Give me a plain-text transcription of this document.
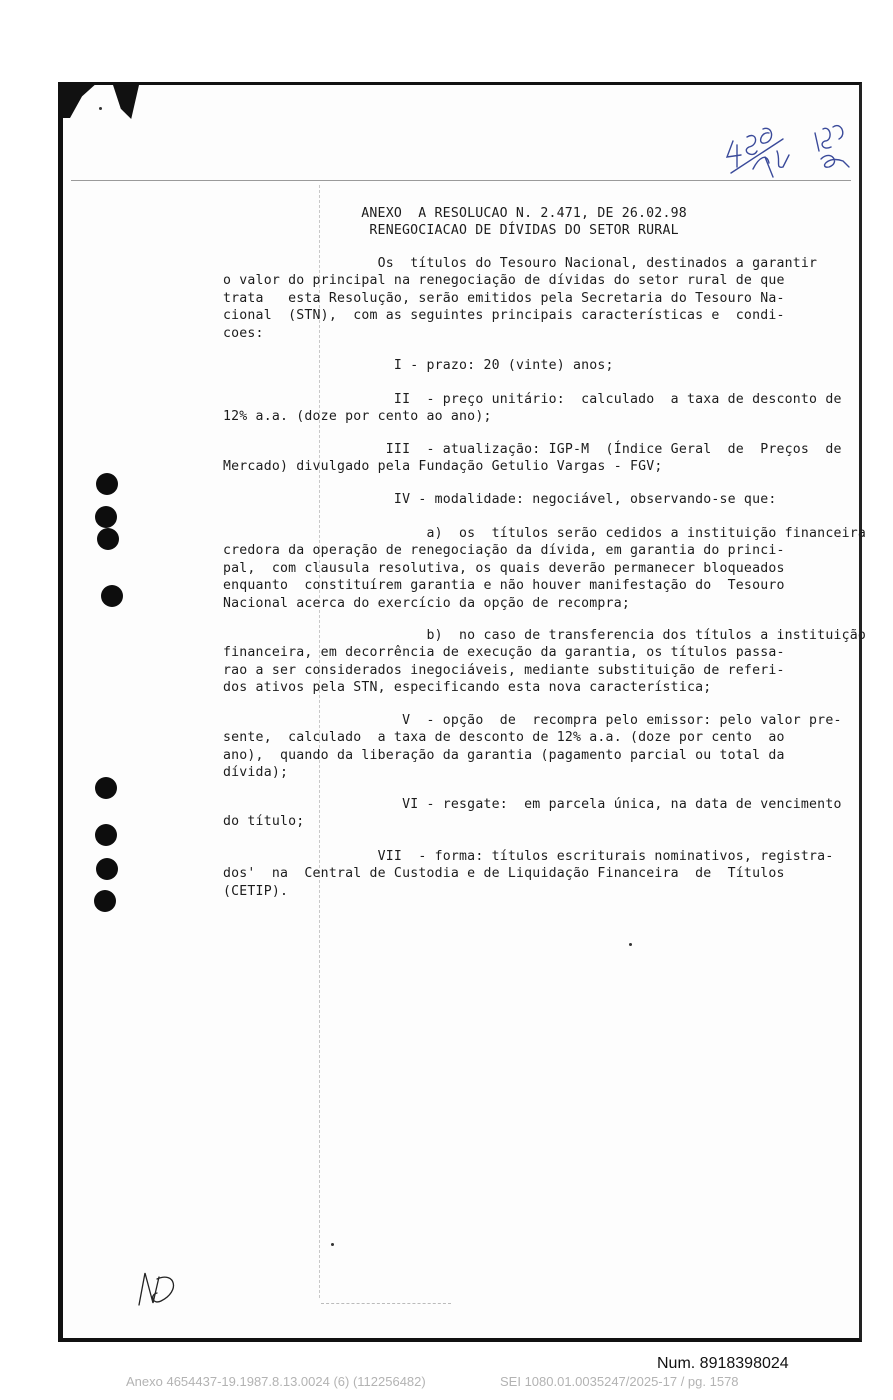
ANEXO  A RESOLUCAO N. 2.471, DE 26.02.98
RENEGOCIACAO DE DÍVIDAS DO SETOR RURAL
Os  títulos do Tesouro Nacional, destinados a garantir
o valor do principal na renegociação de dívidas do setor rural de que
trata   esta Resolução, serão emitidos pela Secretaria do Tesouro Na-
cional  (STN),  com as seguintes principais características e  condi-
coes:
I - prazo: 20 (vinte) anos;
II  - preço unitário:  calculado  a taxa de desconto de
12% a.a. (doze por cento ao ano);
III  - atualização: IGP-M  (Índice Geral  de  Preços  de
Mercado) divulgado pela Fundação Getulio Vargas - FGV;
IV - modalidade: negociável, observando-se que:
a)  os  títulos serão cedidos a instituição financeira
credora da operação de renegociação da dívida, em garantia do princi-
pal,  com clausula resolutiva, os quais deverão permanecer bloqueados
enquanto  constituírem garantia e não houver manifestação do  Tesouro
Nacional acerca do exercício da opção de recompra;
b)  no caso de transferencia dos títulos a instituição
financeira, em decorrência de execução da garantia, os títulos passa-
rao a ser considerados inegociáveis, mediante substituição de referi-
dos ativos pela STN, especificando esta nova característica;
V  - opção  de  recompra pelo emissor: pelo valor pre-
sente,  calculado  a taxa de desconto de 12% a.a. (doze por cento  ao
ano),  quando da liberação da garantia (pagamento parcial ou total da
dívida);
VI - resgate:  em parcela única, na data de vencimento
do título;
VII  - forma: títulos escriturais nominativos, registra-
dos'  na  Central de Custodia e de Liquidação Financeira  de  Títulos
(CETIP).
Num. 8918398024
Anexo 4654437-19.1987.8.13.0024 (6) (112256482)	SEI 1080.01.0035247/2025-17 / pg. 1578
